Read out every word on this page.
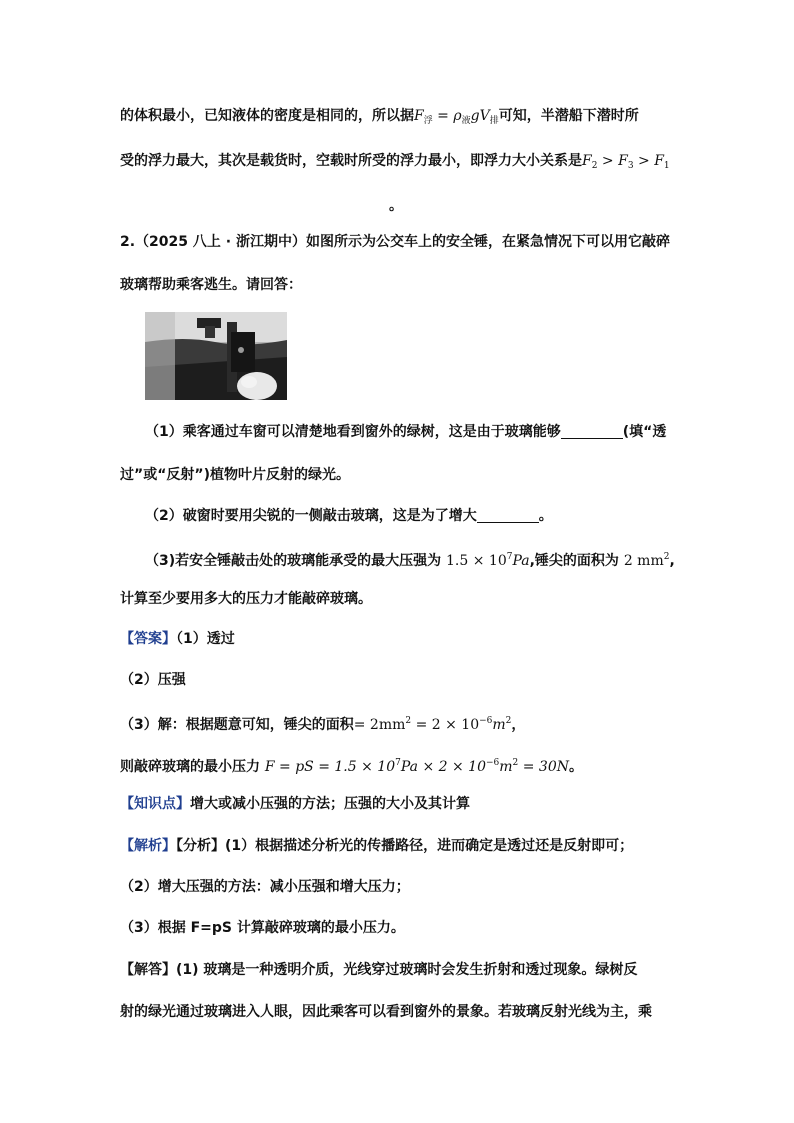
的体积最小，已知液体的密度是相同的，所以据$F_浮 = \rho_液gV_排$可知，半潜船下潜时所
受的浮力最大，其次是载货时，空载时所受的浮力最小，即浮力大小关系是$F_2 > F_3 > F_1$
。
2.（2025 八上 · 浙江期中）如图所示为公交车上的安全锤，在紧急情况下可以用它敲碎
玻璃帮助乘客逃生。请回答：
（1）乘客通过车窗可以清楚地看到窗外的绿树，这是由于玻璃能够	(填“透
过”或“反射”)植物叶片反射的绿光。
（2）破窗时要用尖锐的一侧敲击玻璃，这是为了增大	。
（3)若安全锤敲击处的玻璃能承受的最大压强为 $1.5 \times 10^7Pa$,锤尖的面积为 2 $mm^2$,
计算至少要用多大的压力才能敲碎玻璃。
【答案】（1）透过
（2）压强
（3）解：根据题意可知，锤尖的面积= $2mm^2 = 2 \times 10^{-6}m^2$，
则敲碎玻璃的最小压力 F = pS = $1.5 \times 10^7Pa \times 2 \times 10^{-6}m^2 = 30N$。
【知识点】增大或减小压强的方法；压强的大小及其计算
【解析】【分析】(1）根据描述分析光的传播路径，进而确定是透过还是反射即可；
（2）增大压强的方法：减小压强和增大压力；
（3）根据 F=pS 计算敲碎玻璃的最小压力。
【解答】(1) 玻璃是一种透明介质，光线穿过玻璃时会发生折射和透过现象。绿树反
射的绿光通过玻璃进入人眼，因此乘客可以看到窗外的景象。若玻璃反射光线为主，乘
